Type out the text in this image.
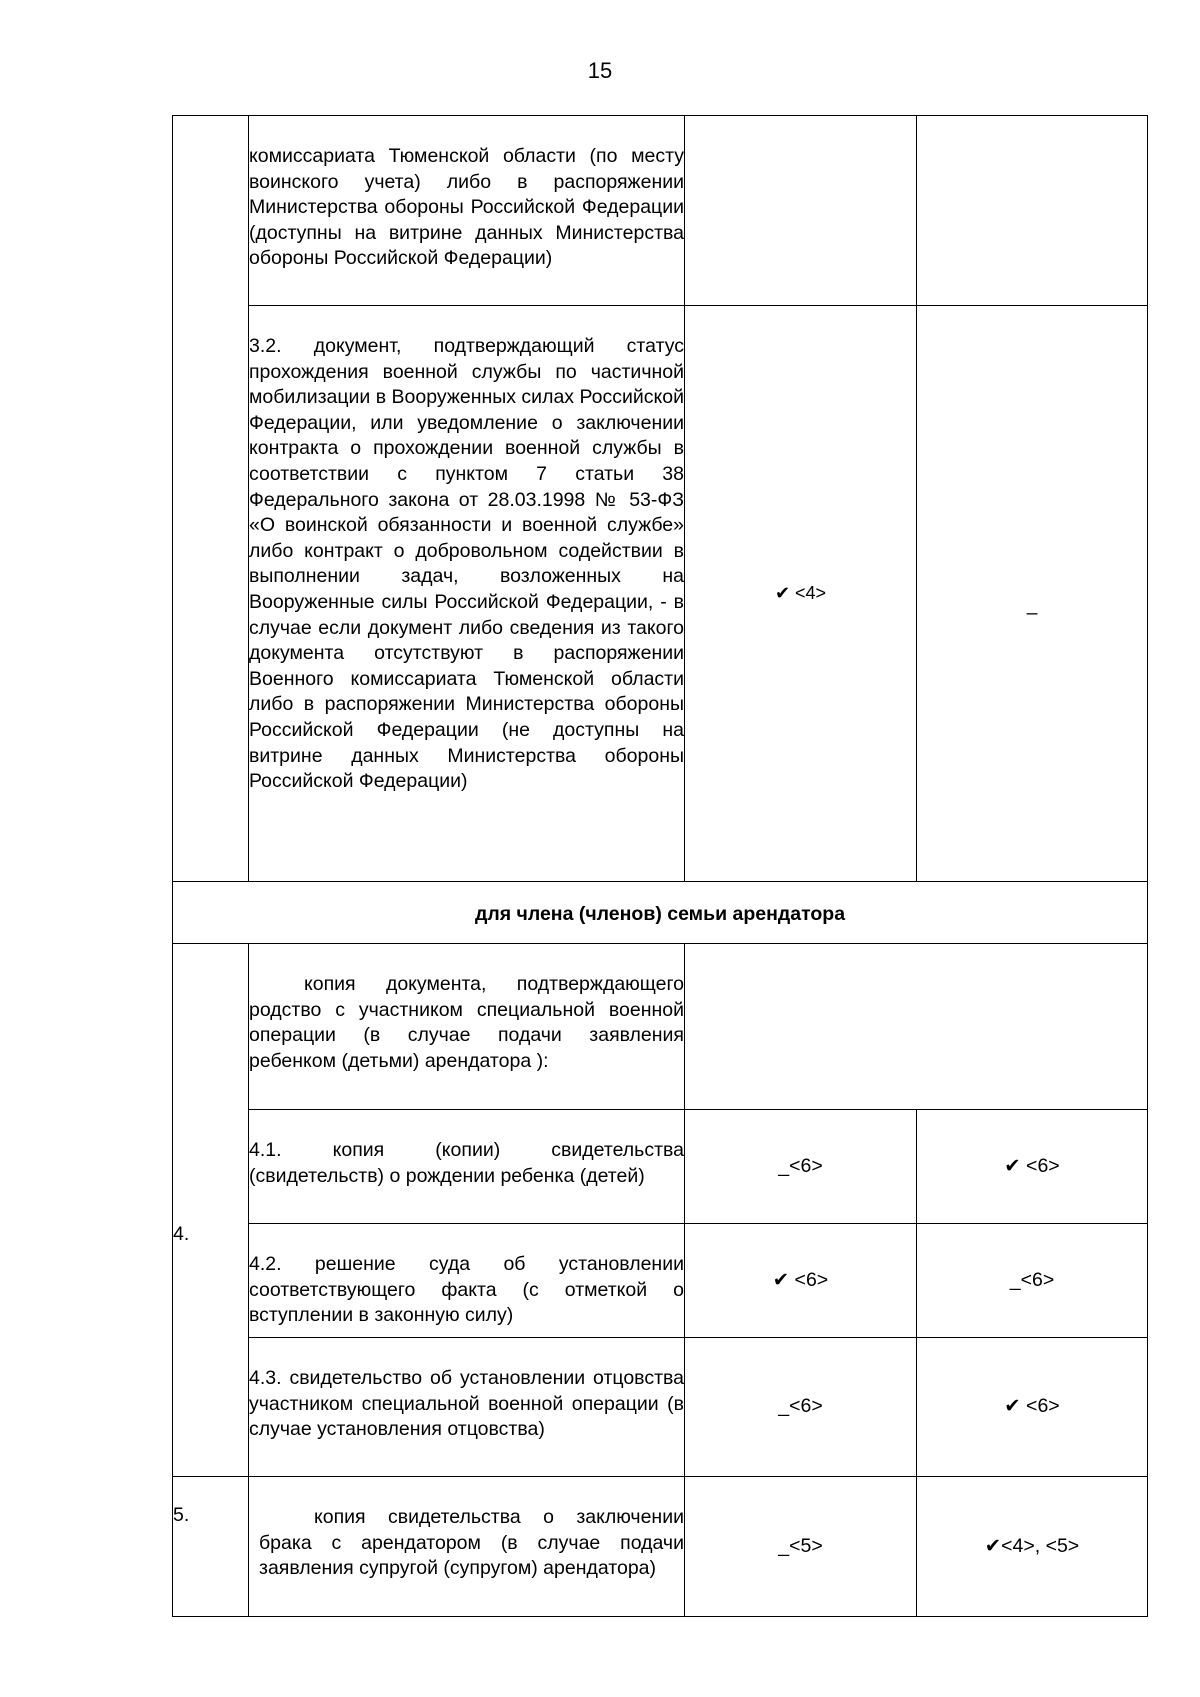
15
	комиссариата Тюменской области (по месту воинского учета) либо в распоряжении Министерства обороны Российской Федерации (доступны на витрине данных Министерства обороны Российской Федерации)		
	3.2. документ, подтверждающий статус прохождения военной службы по частичной мобилизации в Вооруженных силах Российской Федерации, или уведомление о заключении контракта о прохождении военной службы в соответствии с пунктом 7 статьи 38 Федерального закона от 28.03.1998 № 53-ФЗ «О воинской обязанности и военной службе» либо контракт о добровольном содействии в выполнении задач, возложенных на Вооруженные силы Российской Федерации, - в случае если документ либо сведения из такого документа отсутствуют в распоряжении Военного комиссариата Тюменской области либо в распоряжении Министерства обороны Российской Федерации (не доступны на витрине данных Министерства обороны Российской Федерации)	✔ <4>	–
для члена (членов) семьи арендатора			
4.	копия документа, подтверждающего родство с участником специальной военной операции (в случае подачи заявления ребенком (детьми) арендатора ):		
	4.1. копия (копии) свидетельства (свидетельств) о рождении ребенка (детей)	_<6>	✔ <6>
	4.2. решение суда об установлении соответствующего факта (с отметкой о вступлении в законную силу)	✔ <6>	_<6>
	4.3. свидетельство об установлении отцовства участником специальной военной операции (в случае установления отцовства)	_<6>	✔ <6>
5.	копия свидетельства о заключении брака с арендатором (в случае подачи заявления супругой (супругом) арендатора)	_<5>	✔<4>, <5>
